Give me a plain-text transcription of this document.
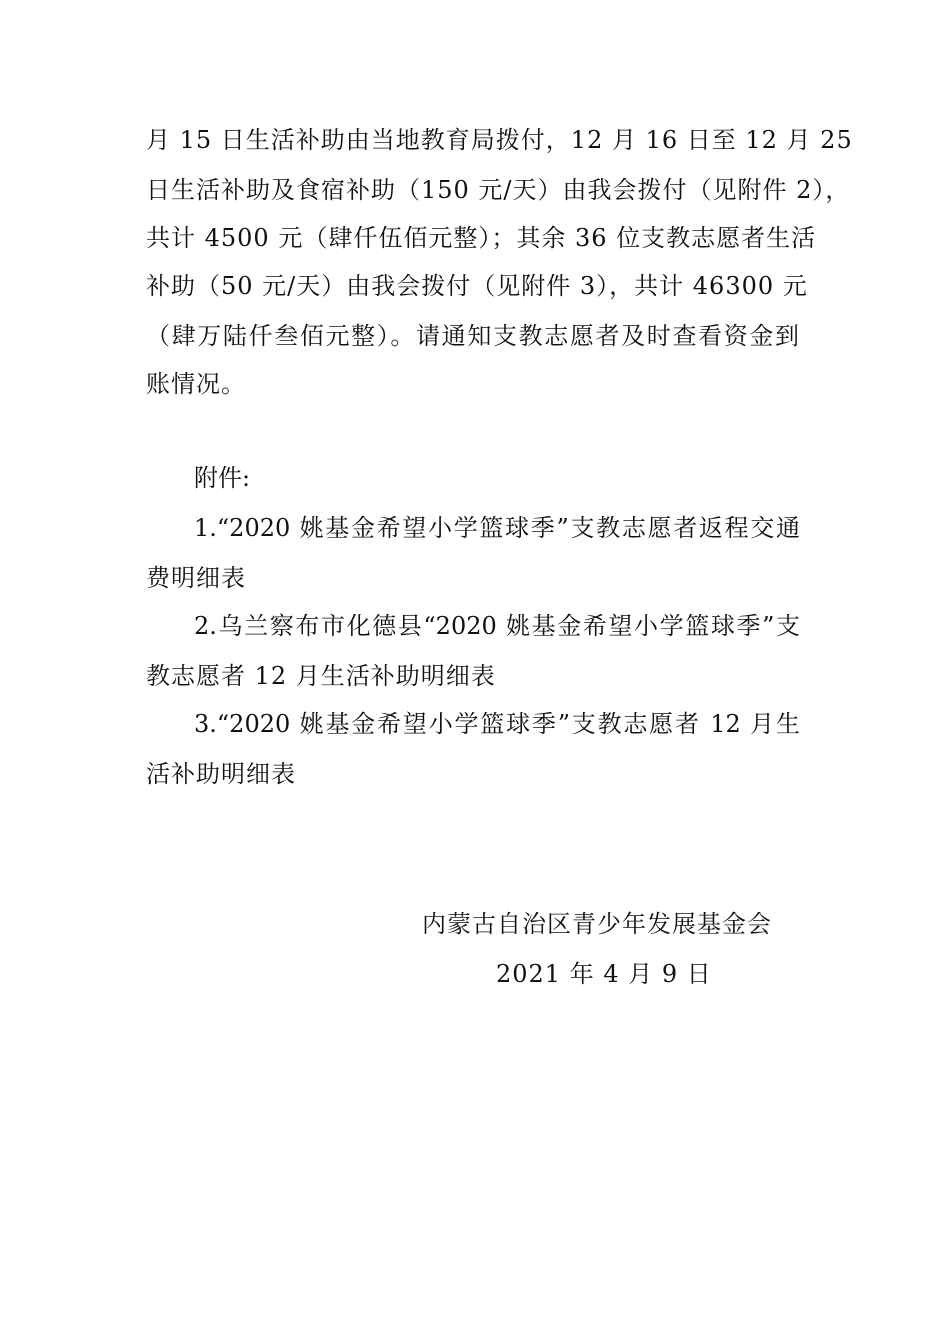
月 15 日生活补助由当地教育局拨付，12 月 16 日至 12 月 25
日生活补助及食宿补助（150 元/天）由我会拨付（见附件 2），
共计 4500 元（肆仟伍佰元整）；其余 36 位支教志愿者生活
补助（50 元/天）由我会拨付（见附件 3），共计 46300 元
（肆万陆仟叁佰元整）。请通知支教志愿者及时查看资金到
账情况。
附件:
1.“2020 姚基金希望小学篮球季”支教志愿者返程交通
费明细表
2.乌兰察布市化德县“2020 姚基金希望小学篮球季”支
教志愿者 12 月生活补助明细表
3.“2020 姚基金希望小学篮球季”支教志愿者 12 月生
活补助明细表
内蒙古自治区青少年发展基金会
2021 年 4 月 9 日
